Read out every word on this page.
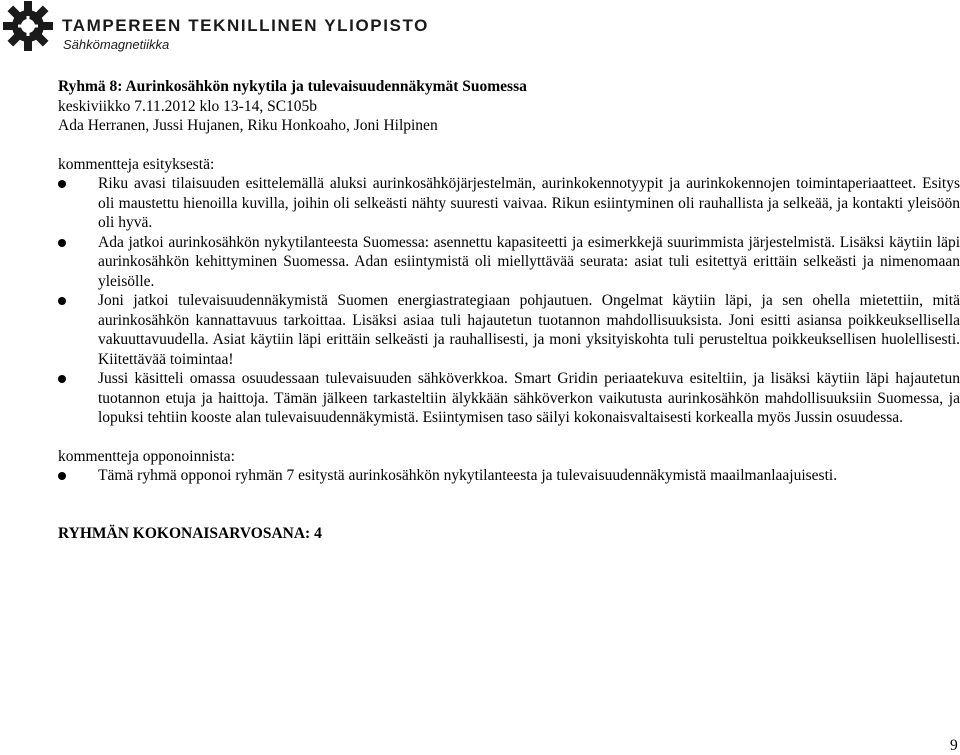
TAMPEREEN TEKNILLINEN YLIOPISTO
Sähkömagnetiikka
Ryhmä 8: Aurinkosähkön nykytila ja tulevaisuudennäkymät Suomessa
keskiviikko 7.11.2012 klo 13-14, SC105b
Ada Herranen, Jussi Hujanen, Riku Honkoaho, Joni Hilpinen
kommentteja esityksestä:
Riku avasi tilaisuuden esittelemällä aluksi aurinkosähköjärjestelmän, aurinkokennotyypit ja aurinkokennojen toimintaperiaatteet. Esitys oli maustettu hienoilla kuvilla, joihin oli selkeästi nähty suuresti vaivaa. Rikun esiintyminen oli rauhallista ja selkeää, ja kontakti yleisöön oli hyvä.
Ada jatkoi aurinkosähkön nykytilanteesta Suomessa: asennettu kapasiteetti ja esimerkkejä suurimmista järjestelmistä. Lisäksi käytiin läpi aurinkosähkön kehittyminen Suomessa. Adan esiintymistä oli miellyttävää seurata: asiat tuli esitettyä erittäin selkeästi ja nimenomaan yleisölle.
Joni jatkoi tulevaisuudennäkymistä Suomen energiastrategiaan pohjautuen. Ongelmat käytiin läpi, ja sen ohella mietettiin, mitä aurinkosähkön kannattavuus tarkoittaa. Lisäksi asiaa tuli hajautetun tuotannon mahdollisuuksista. Joni esitti asiansa poikkeuksellisella vakuuttavuudella. Asiat käytiin läpi erittäin selkeästi ja rauhallisesti, ja moni yksityiskohta tuli perusteltua poikkeuksellisen huolellisesti. Kiitettävää toimintaa!
Jussi käsitteli omassa osuudessaan tulevaisuuden sähköverkkoa. Smart Gridin periaatekuva esiteltiin, ja lisäksi käytiin läpi hajautetun tuotannon etuja ja haittoja. Tämän jälkeen tarkasteltiin älykkään sähköverkon vaikutusta aurinkosähkön mahdollisuuksiin Suomessa, ja lopuksi tehtiin kooste alan tulevaisuudennäkymistä. Esiintymisen taso säilyi kokonaisvaltaisesti korkealla myös Jussin osuudessa.
kommentteja opponoinnista:
Tämä ryhmä opponoi ryhmän 7 esitystä aurinkosähkön nykytilanteesta ja tulevaisuudennäkymistä maailmanlaajuisesti.
RYHMÄN KOKONAISARVOSANA: 4
9
